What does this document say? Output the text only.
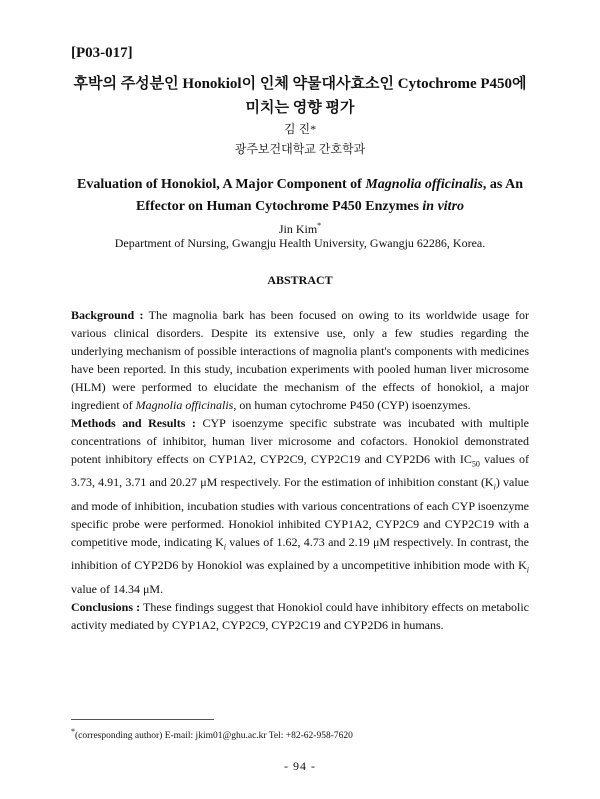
[P03-017]
후박의 주성분인 Honokiol이 인체 약물대사효소인 Cytochrome P450에
미치는 영향 평가
김 진*
광주보건대학교 간호학과
Evaluation of Honokiol, A Major Component of Magnolia officinalis, as An
Effector on Human Cytochrome P450 Enzymes in vitro
Jin Kim*
Department of Nursing, Gwangju Health University, Gwangju 62286, Korea.
ABSTRACT

Background : The magnolia bark has been focused on owing to its worldwide usage for various clinical disorders. Despite its extensive use, only a few studies regarding the underlying mechanism of possible interactions of magnolia plant's components with medicines have been reported. In this study, incubation experiments with pooled human liver microsome (HLM) were performed to elucidate the mechanism of the effects of honokiol, a major ingredient of Magnolia officinalis, on human cytochrome P450 (CYP) isoenzymes.

Methods and Results : CYP isoenzyme specific substrate was incubated with multiple concentrations of inhibitor, human liver microsome and cofactors. Honokiol demonstrated potent inhibitory effects on CYP1A2, CYP2C9, CYP2C19 and CYP2D6 with $IC_{50}$ values of 3.73, 4.91, 3.71 and 20.27 μM respectively. For the estimation of inhibition constant $(K_i)$ value and mode of inhibition, incubation studies with various concentrations of each CYP isoenzyme specific probe were performed. Honokiol inhibited CYP1A2, CYP2C9 and CYP2C19 with a competitive mode, indicating $K_i$ values of 1.62, 4.73 and 2.19 μM respectively. In contrast, the inhibition of CYP2D6 by Honokiol was explained by a uncompetitive inhibition mode with $K_i$ value of 14.34 μM.

Conclusions : These findings suggest that Honokiol could have inhibitory effects on metabolic activity mediated by CYP1A2, CYP2C9, CYP2C19 and CYP2D6 in humans.

*(corresponding author) E-mail: jkim01@ghu.ac.kr Tel: +82-62-958-7620
- 94 -
